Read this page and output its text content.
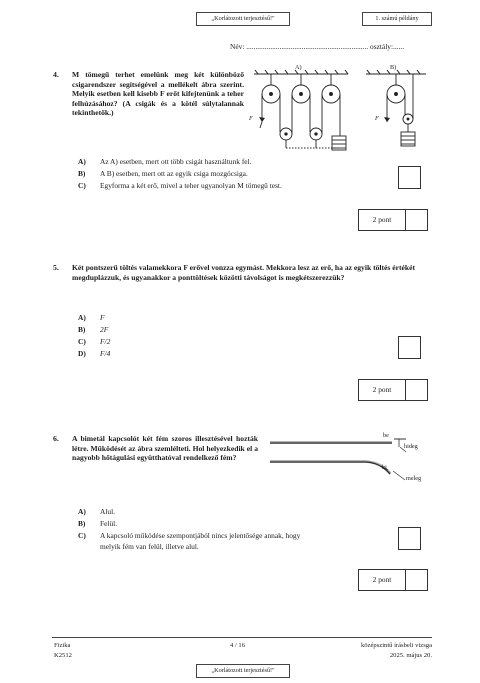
„Korlátozott terjesztésű!"	1. számú példány
Név: .................................................................. osztály:......
4. M tömegű terhet emelünk meg két különböző csigarendszer segítségével a mellékelt ábra szerint. Melyik esetben kell kisebb F erőt kifejtenünk a teher felhúzásához? (A csigák és a kötél súlytalannak tekinthetők.)
A)	B)
F	F
A) Az A) esetben, mert ott több csigát használtunk fel.
B) A B) esetben, mert ott az egyik csiga mozgócsiga.
C) Egyforma a két erő, mivel a teher ugyanolyan M tömegű test.
2 pont
5. Két pontszerű töltés valamekkora F erővel vonzza egymást. Mekkora lesz az erő, ha az egyik töltés értékét megduplázzuk, és ugyanakkor a ponttöltések közötti távolságot is megkétszerezzük?
A) F
B) 2F
C) F/2
D) F/4
2 pont
6. A bimetál kapcsolót két fém szoros illesztésével hozták létre. Működését az ábra szemlélteti. Hol helyezkedik el a nagyobb hőtágulási együtthatóval rendelkező fém?
be
hideg
ki
meleg
A) Alul.
B) Felül.
C) A kapcsoló működése szempontjából nincs jelentősége annak, hogy
melyik fém van felül, illetve alul.
2 pont
Fizika
K2512
4 / 16	középszintű írásbeli vizsga
2025. május 20.
„Korlátozott terjesztésű!"
